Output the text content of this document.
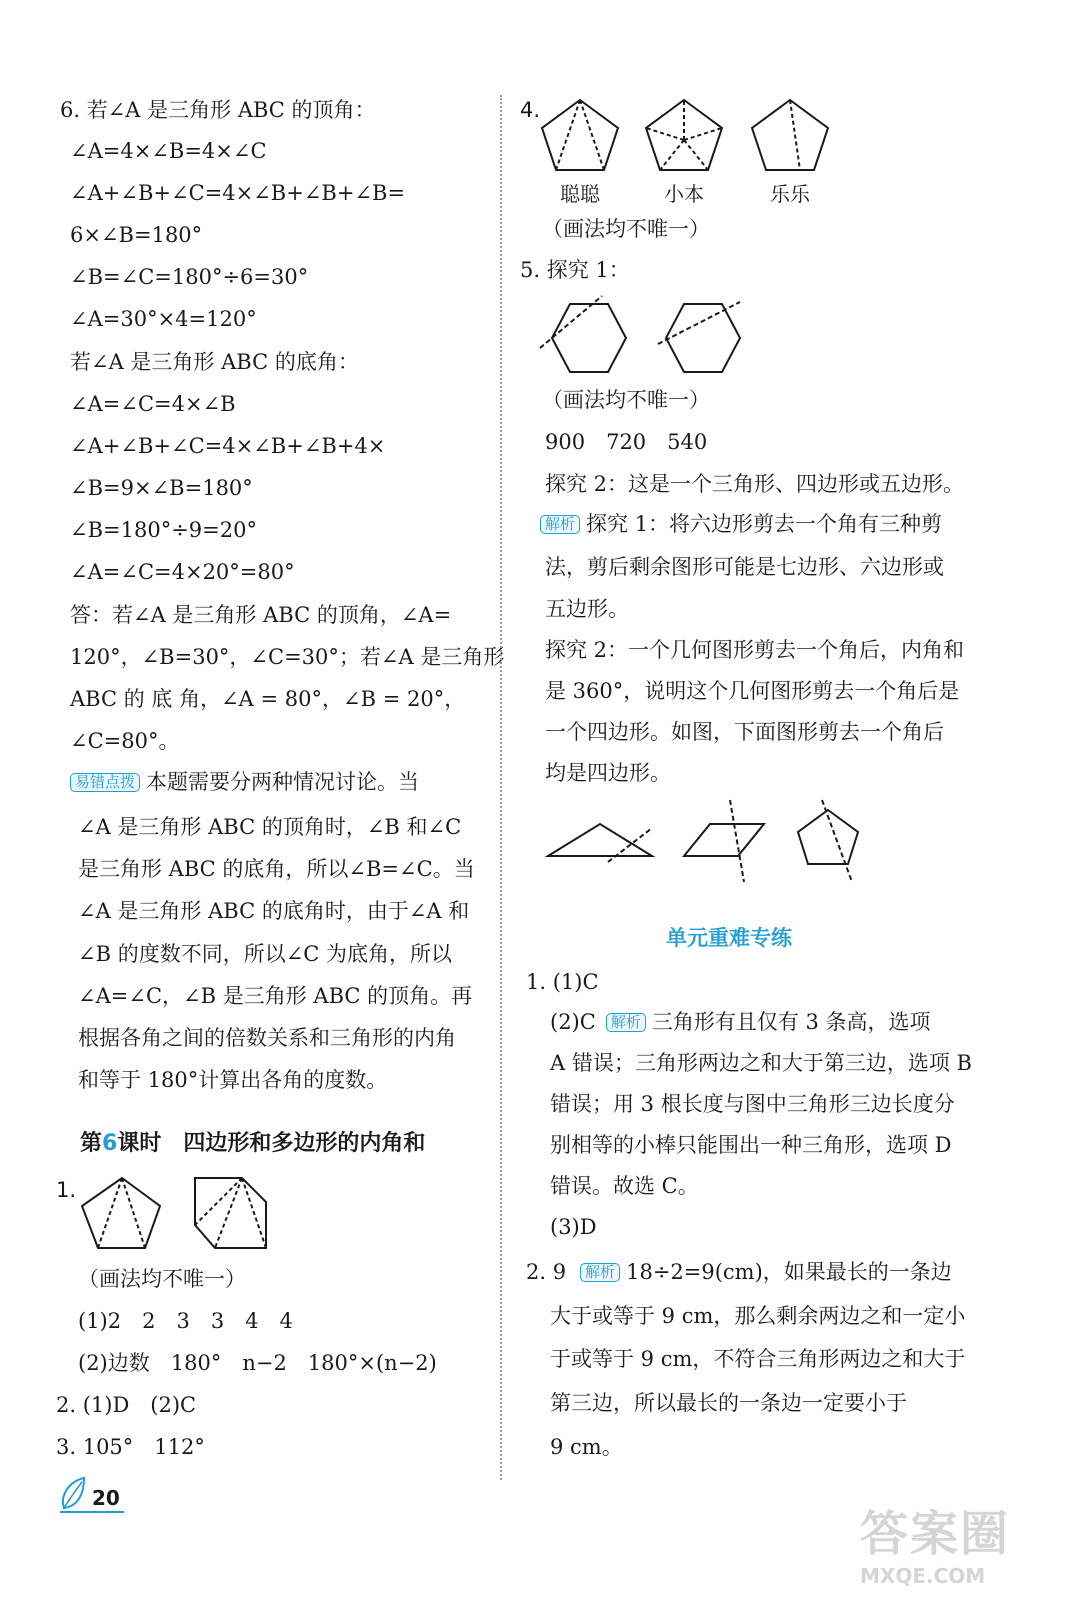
6. 若∠A 是三角形 ABC 的顶角：
∠A=4×∠B=4×∠C
∠A+∠B+∠C=4×∠B+∠B+∠B=
6×∠B=180°
∠B=∠C=180°÷6=30°
∠A=30°×4=120°
若∠A 是三角形 ABC 的底角：
∠A=∠C=4×∠B
∠A+∠B+∠C=4×∠B+∠B+4×
∠B=9×∠B=180°
∠B=180°÷9=20°
∠A=∠C=4×20°=80°
答：若∠A 是三角形 ABC 的顶角，∠A=
120°，∠B=30°，∠C=30°；若∠A 是三角形
ABC 的 底 角，∠A = 80°，∠B = 20°，
∠C=80°。
易错点拨 本题需要分两种情况讨论。当
∠A 是三角形 ABC 的顶角时，∠B 和∠C
是三角形 ABC 的底角，所以∠B=∠C。当
∠A 是三角形 ABC 的底角时，由于∠A 和
∠B 的度数不同，所以∠C 为底角，所以
∠A=∠C，∠B 是三角形 ABC 的顶角。再
根据各角之间的倍数关系和三角形的内角
和等于 180°计算出各角的度数。
第6课时 四边形和多边形的内角和
1.
（画法均不唯一）
(1)2　2　3　3　4　4
(2)边数　180°　n−2　180°×(n−2)
2. (1)D　(2)C
3. 105°　112°
4.
聪聪	小本	乐乐
（画法均不唯一）
5. 探究 1：
（画法均不唯一）
900　720　540
探究 2：这是一个三角形、四边形或五边形。
解析 探究 1：将六边形剪去一个角有三种剪
法，剪后剩余图形可能是七边形、六边形或
五边形。
探究 2：一个几何图形剪去一个角后，内角和
是 360°，说明这个几何图形剪去一个角后是
一个四边形。如图，下面图形剪去一个角后
均是四边形。
单元重难专练
1. (1)C
(2)C 解析 三角形有且仅有 3 条高，选项
A 错误；三角形两边之和大于第三边，选项 B
错误；用 3 根长度与图中三角形三边长度分
别相等的小棒只能围出一种三角形，选项 D
错误。故选 C。
(3)D
2. 9 解析 18÷2=9(cm)，如果最长的一条边
大于或等于 9 cm，那么剩余两边之和一定小
于或等于 9 cm，不符合三角形两边之和大于
第三边，所以最长的一条边一定要小于
9 cm。
20
答案圈
MXQE.COM
